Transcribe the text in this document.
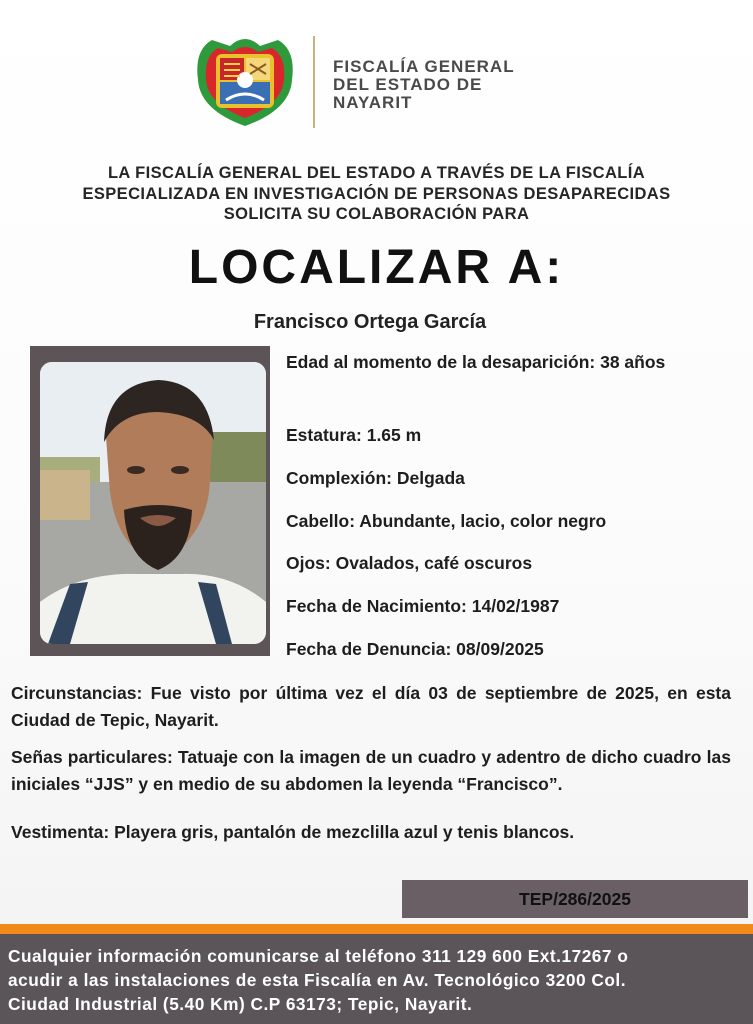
FISCALÍA GENERAL
DEL ESTADO DE
NAYARIT
LA FISCALÍA GENERAL DEL ESTADO A TRAVÉS DE LA FISCALÍA
ESPECIALIZADA EN INVESTIGACIÓN DE PERSONAS DESAPARECIDAS
SOLICITA SU COLABORACIÓN PARA
LOCALIZAR A:
Francisco Ortega García
Edad al momento de la desaparición: 38 años
Estatura: 1.65 m
Complexión: Delgada
Cabello: Abundante, lacio, color negro
Ojos: Ovalados, café oscuros
Fecha de Nacimiento: 14/02/1987
Fecha de Denuncia: 08/09/2025
Circunstancias: Fue visto por última vez el día 03 de septiembre de 2025, en esta Ciudad de Tepic, Nayarit.
Señas particulares: Tatuaje con la imagen de un cuadro y adentro de dicho cuadro las iniciales “JJS” y en medio de su abdomen la leyenda “Francisco”.
Vestimenta: Playera gris, pantalón de mezclilla azul y tenis blancos.
TEP/286/2025
Cualquier información comunicarse al teléfono 311 129 600 Ext.17267 o
acudir a las instalaciones de esta Fiscalía en Av. Tecnológico 3200 Col.
Ciudad Industrial (5.40 Km) C.P 63173; Tepic, Nayarit.
